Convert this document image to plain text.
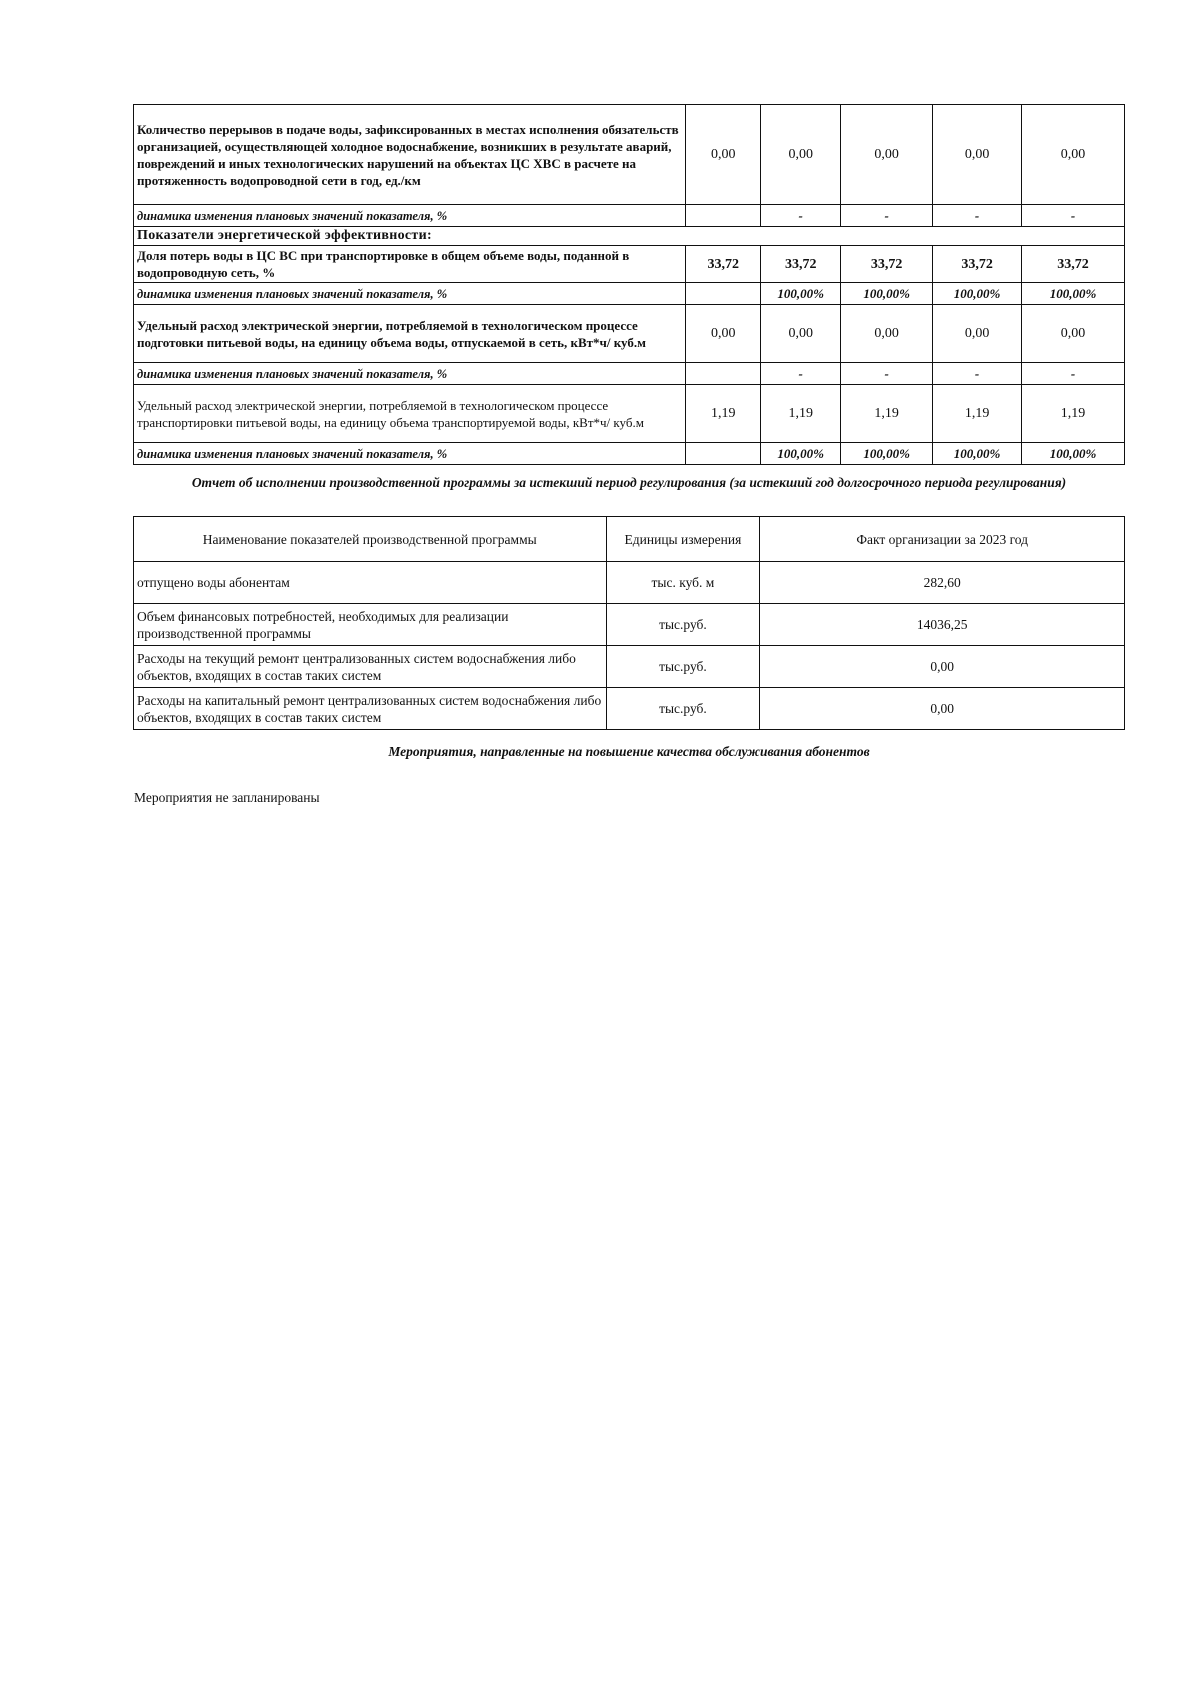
Количество перерывов в подаче воды, зафиксированных в местах исполнения обязательств организацией, осуществляющей холодное водоснабжение, возникших в результате аварий, повреждений и иных технологических нарушений на объектах ЦС ХВС в расчете на протяженность водопроводной сети в год, ед./км	0,00	0,00	0,00	0,00	0,00
динамика изменения плановых значений показателя, %		-	-	-	-
Показатели энергетической эффективности:					
Доля потерь воды в ЦС ВС при транспортировке в общем объеме воды, поданной в водопроводную сеть, %	33,72	33,72	33,72	33,72	33,72
динамика изменения плановых значений показателя, %		100,00%	100,00%	100,00%	100,00%
Удельный расход электрической энергии, потребляемой в технологическом процессе подготовки питьевой воды, на единицу объема воды, отпускаемой в сеть, кВт*ч/ куб.м	0,00	0,00	0,00	0,00	0,00
динамика изменения плановых значений показателя, %		-	-	-	-
Удельный расход электрической энергии, потребляемой в технологическом процессе транспортировки питьевой воды, на единицу объема транспортируемой воды, кВт*ч/ куб.м	1,19	1,19	1,19	1,19	1,19
динамика изменения плановых значений показателя, %		100,00%	100,00%	100,00%	100,00%
Отчет об исполнении производственной программы за истекший период регулирования (за истекший год долгосрочного периода регулирования)
Наименование показателей производственной программы	Единицы измерения	Факт организации за 2023 год
отпущено воды абонентам	тыс. куб. м	282,60
Объем финансовых потребностей, необходимых для реализации производственной программы	тыс.руб.	14036,25
Расходы на текущий ремонт централизованных систем водоснабжения либо объектов, входящих в состав таких систем	тыс.руб.	0,00
Расходы на капитальный ремонт централизованных систем водоснабжения либо объектов, входящих в состав таких систем	тыс.руб.	0,00
Мероприятия, направленные на повышение качества обслуживания абонентов
Мероприятия не запланированы
